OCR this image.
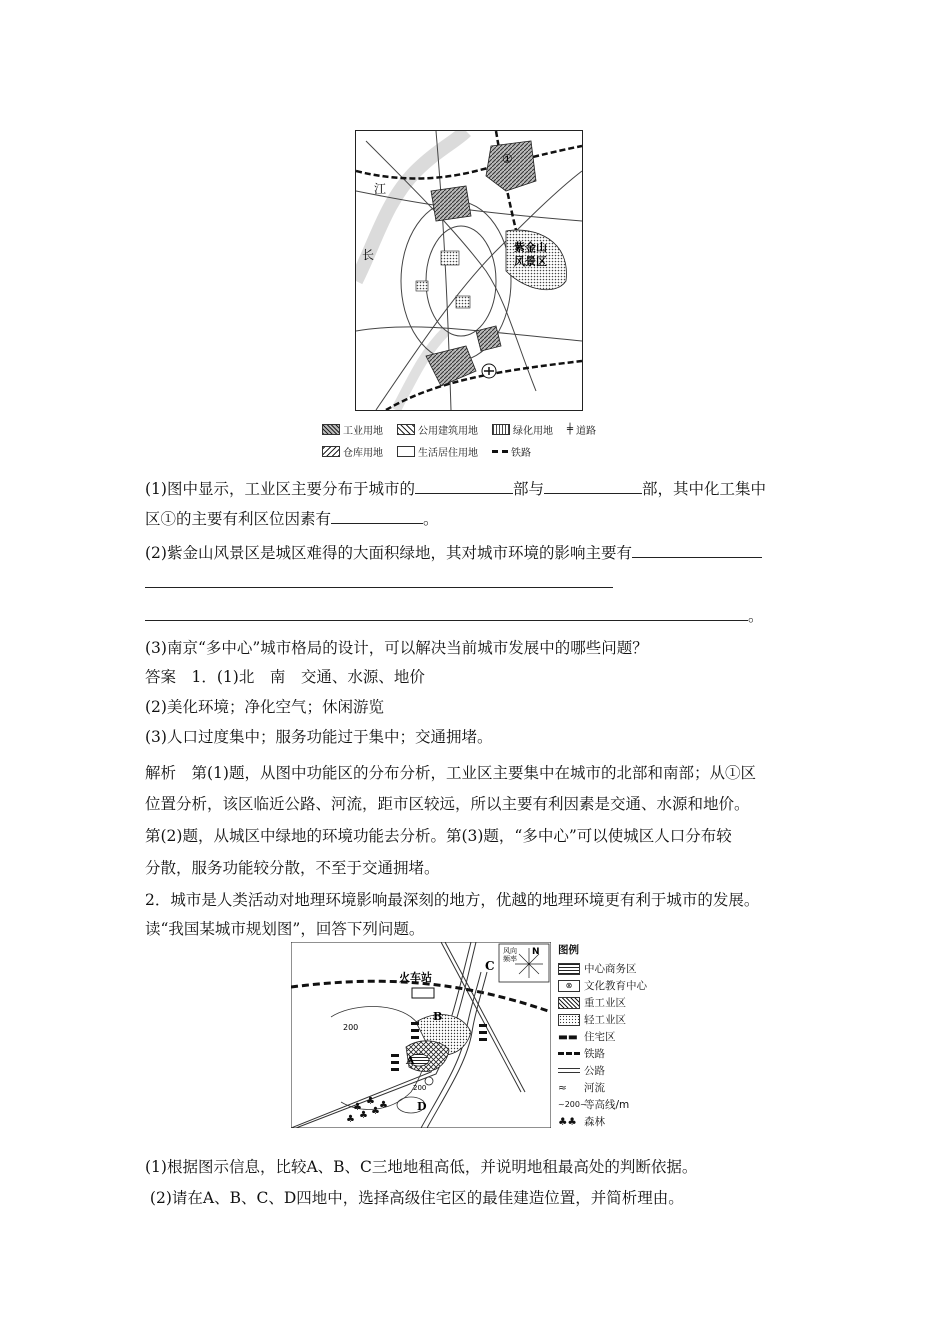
江
长
紫金山
风景区
①
工业用地	公用建筑用地	绿化用地 ╪ 道路
仓库用地	生活居住用地	铁路
(1)图中显示，工业区主要分布于城市的	部与	部，其中化工集中
区①的主要有利区位因素有	。
(2)紫金山风景区是城区难得的大面积绿地，其对城市环境的影响主要有
。
(3)南京“多中心”城市格局的设计，可以解决当前城市发展中的哪些问题？
答案　1．(1)北　南　交通、水源、地价
(2)美化环境；净化空气；休闲游览
(3)人口过度集中；服务功能过于集中；交通拥堵。
解析　第(1)题，从图中功能区的分布分析，工业区主要集中在城市的北部和南部；从①区
位置分析，该区临近公路、河流，距市区较远，所以主要有利因素是交通、水源和地价。
第(2)题，从城区中绿地的环境功能去分析。第(3)题，“多中心”可以使城区人口分布较
分散，服务功能较分散，不至于交通拥堵。
2．城市是人类活动对地理环境影响最深刻的地方，优越的地理环境更有利于城市的发展。
读“我国某城市规划图”，回答下列问题。
风向
频率
N
火车站
♣ ♣ ♣
♣
♣ ♣
200
200
C
B
A
D
图例
中心商务区
⊗	文化教育中心
重工业区
轻工业区
▬▬ 住宅区
铁路
公路
≈	河流
~200~
等高线/m
♣♣ 森林
(1)根据图示信息，比较A、B、C三地地租高低，并说明地租最高处的判断依据。
(2)请在A、B、C、D四地中，选择高级住宅区的最佳建造位置，并简析理由。
